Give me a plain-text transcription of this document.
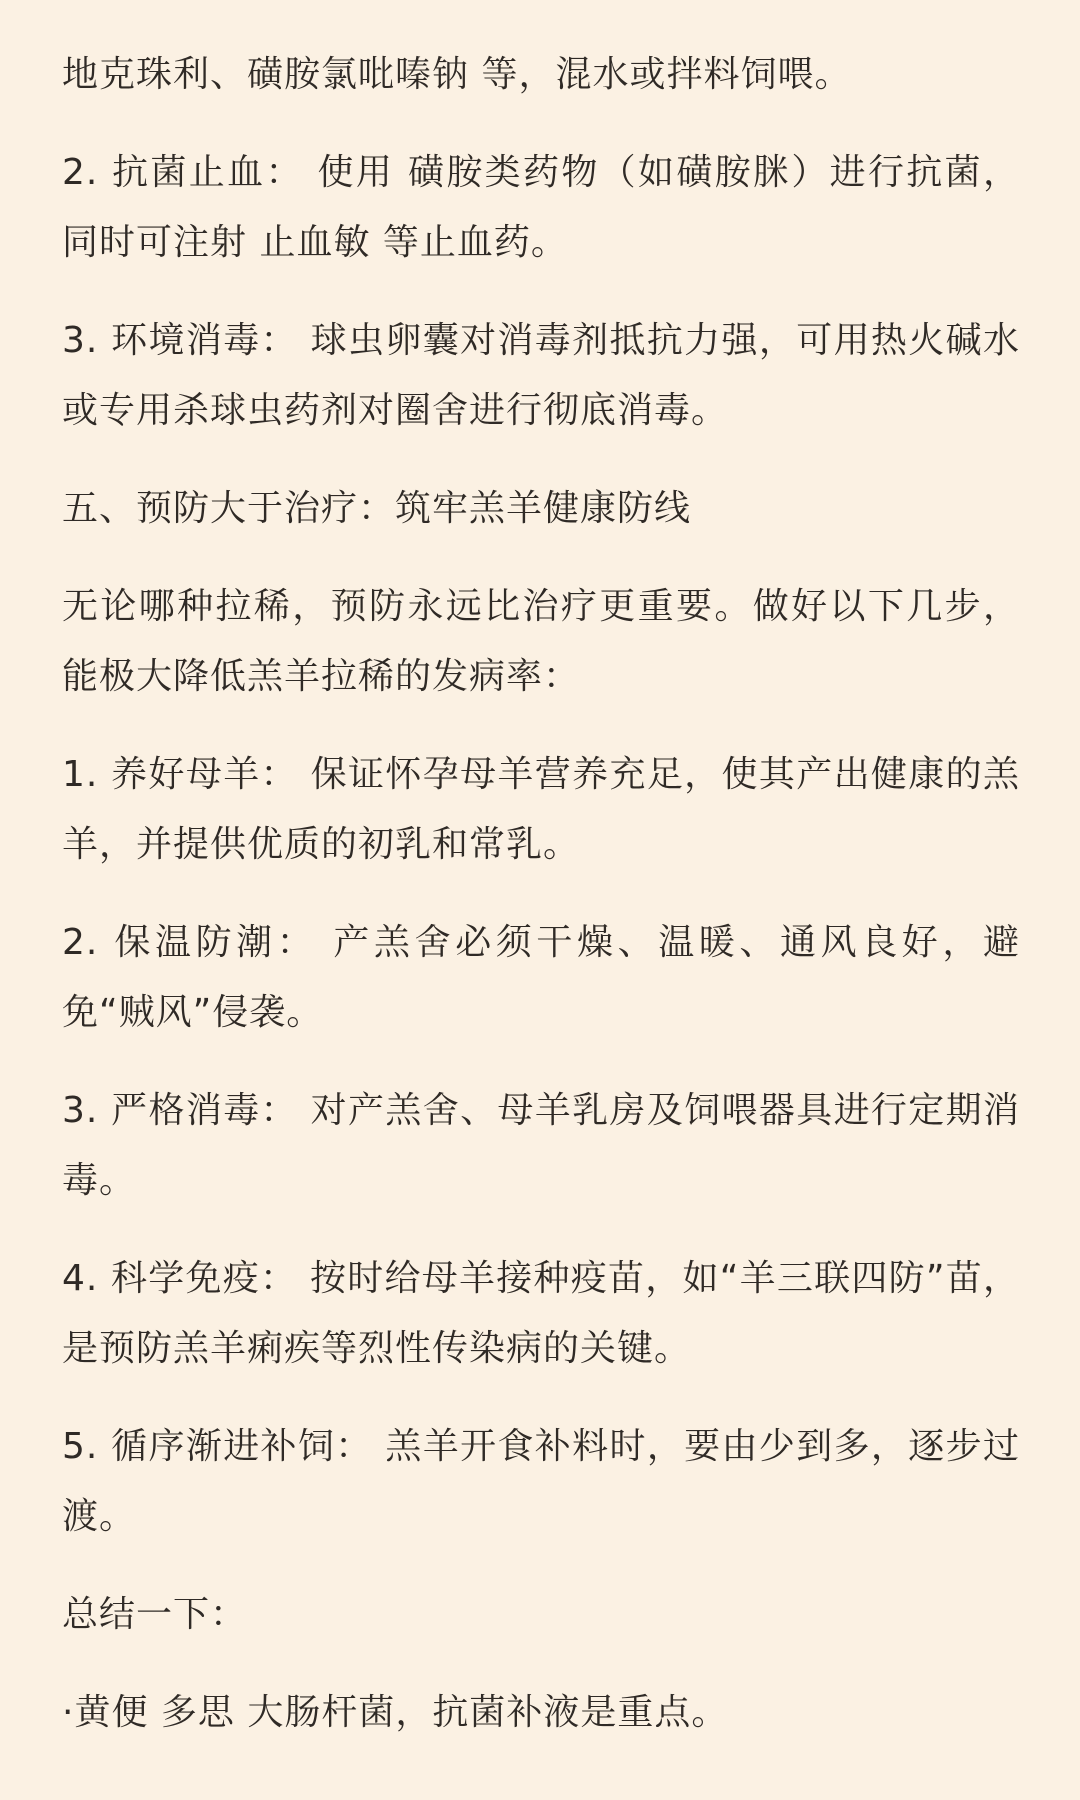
地克珠利、磺胺氯吡嗪钠 等，混水或拌料饲喂。

2. 抗菌止血： 使用 磺胺类药物（如磺胺脒）进行抗菌，同时可注射 止血敏 等止血药。

3. 环境消毒： 球虫卵囊对消毒剂抵抗力强，可用热火碱水或专用杀球虫药剂对圈舍进行彻底消毒。

五、预防大于治疗：筑牢羔羊健康防线

无论哪种拉稀，预防永远比治疗更重要。做好以下几步，能极大降低羔羊拉稀的发病率：

1. 养好母羊： 保证怀孕母羊营养充足，使其产出健康的羔羊，并提供优质的初乳和常乳。

2. 保温防潮： 产羔舍必须干燥、温暖、通风良好，避免“贼风”侵袭。

3. 严格消毒： 对产羔舍、母羊乳房及饲喂器具进行定期消毒。

4. 科学免疫： 按时给母羊接种疫苗，如“羊三联四防”苗，是预防羔羊痢疾等烈性传染病的关键。

5. 循序渐进补饲： 羔羊开食补料时，要由少到多，逐步过渡。

总结一下：

·黄便 多思 大肠杆菌，抗菌补液是重点。
